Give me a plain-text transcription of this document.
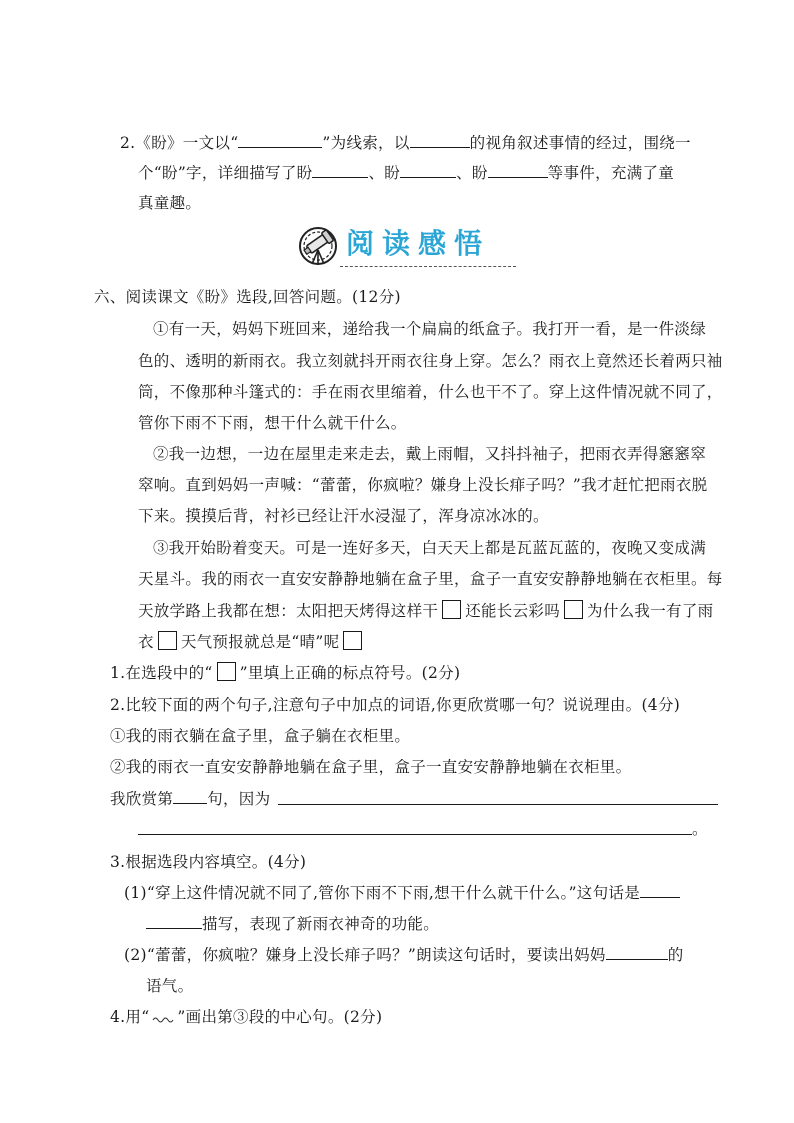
2.《盼》一文以“	”为线索，以	的视角叙述事情的经过，围绕一
个“盼”字，详细描写了盼	、盼	、盼	等事件，充满了童
真童趣。
阅读感悟
六、阅读课文《盼》选段,回答问题。(12分)
①有一天，妈妈下班回来，递给我一个扁扁的纸盒子。我打开一看，是一件淡绿
色的、透明的新雨衣。我立刻就抖开雨衣往身上穿。怎么？雨衣上竟然还长着两只袖
筒，不像那种斗篷式的：手在雨衣里缩着，什么也干不了。穿上这件情况就不同了，
管你下雨不下雨，想干什么就干什么。
②我一边想，一边在屋里走来走去，戴上雨帽，又抖抖袖子，把雨衣弄得窸窸窣
窣响。直到妈妈一声喊：“蕾蕾，你疯啦？嫌身上没长痱子吗？”我才赶忙把雨衣脱
下来。摸摸后背，衬衫已经让汗水浸湿了，浑身凉冰冰的。
③我开始盼着变天。可是一连好多天，白天天上都是瓦蓝瓦蓝的，夜晚又变成满
天星斗。我的雨衣一直安安静静地躺在盒子里，盒子一直安安静静地躺在衣柜里。每
天放学路上我都在想：太阳把天烤得这样干 还能长云彩吗 为什么我一有了雨
衣 天气预报就总是“晴”呢
1.在选段中的“ ”里填上正确的标点符号。(2分)
2.比较下面的两个句子,注意句子中加点的词语,你更欣赏哪一句？说说理由。(4分)
①我的雨衣躺在盒子里，盒子躺在衣柜里。
②我的雨衣一直安安静静地躺在盒子里，盒子一直安安静静地躺在衣柜里。
我欣赏第 句，因为
。
3.根据选段内容填空。(4分)
(1)“穿上这件情况就不同了,管你下雨不下雨,想干什么就干什么。”这句话是
描写，表现了新雨衣神奇的功能。
(2)“蕾蕾，你疯啦？嫌身上没长痱子吗？”朗读这句话时，要读出妈妈	的
语气。
4.用“ ”画出第③段的中心句。(2分)
